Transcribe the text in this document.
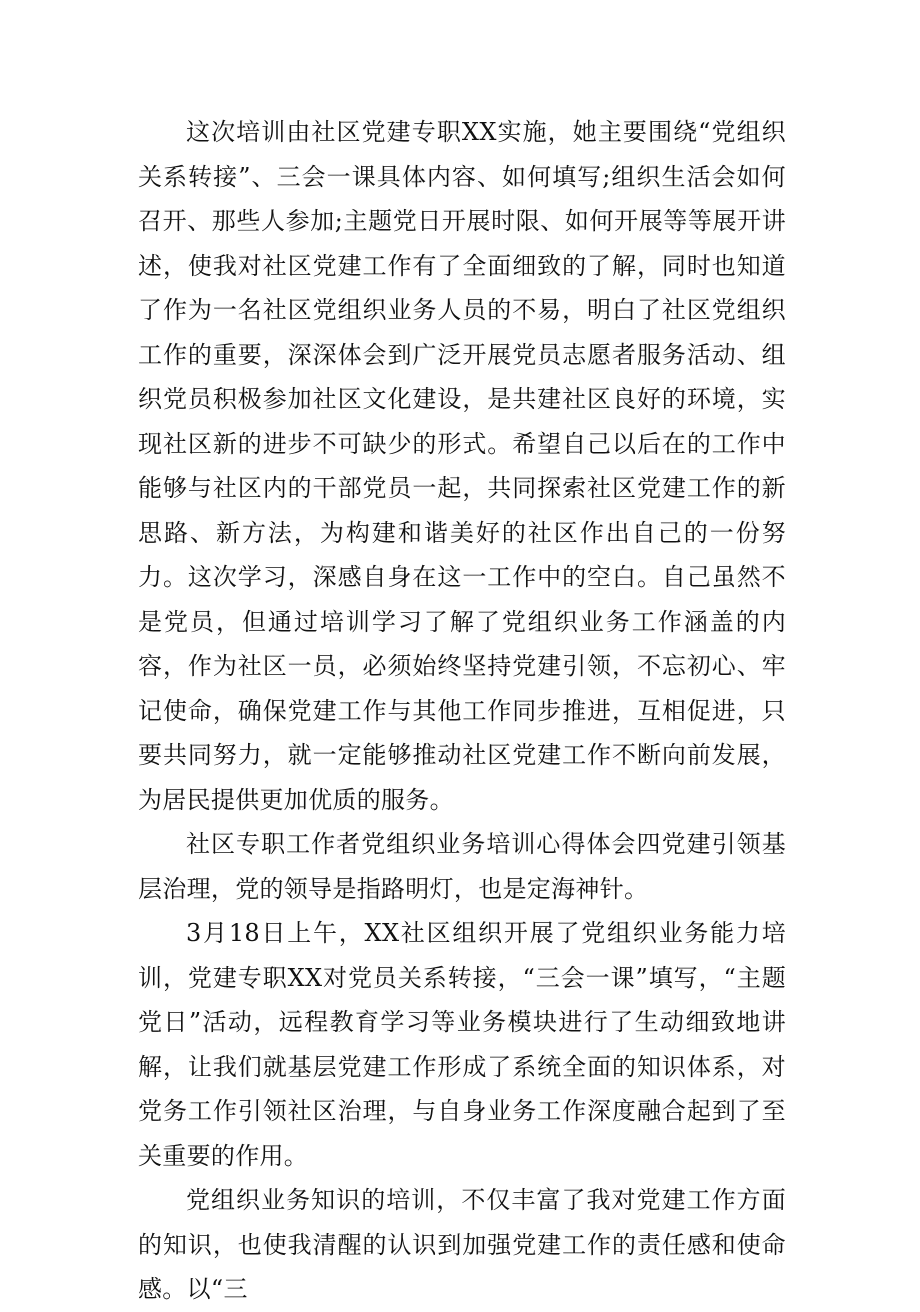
这次培训由社区党建专职XX实施，她主要围绕“党组织关系转接”、三会一课具体内容、如何填写;组织生活会如何召开、那些人参加;主题党日开展时限、如何开展等等展开讲述，使我对社区党建工作有了全面细致的了解，同时也知道了作为一名社区党组织业务人员的不易，明白了社区党组织工作的重要，深深体会到广泛开展党员志愿者服务活动、组织党员积极参加社区文化建设，是共建社区良好的环境，实现社区新的进步不可缺少的形式。希望自己以后在的工作中能够与社区内的干部党员一起，共同探索社区党建工作的新思路、新方法，为构建和谐美好的社区作出自己的一份努力。这次学习，深感自身在这一工作中的空白。自己虽然不是党员，但通过培训学习了解了党组织业务工作涵盖的内容，作为社区一员，必须始终坚持党建引领，不忘初心、牢记使命，确保党建工作与其他工作同步推进，互相促进，只要共同努力，就一定能够推动社区党建工作不断向前发展，为居民提供更加优质的服务。

社区专职工作者党组织业务培训心得体会四党建引领基层治理，党的领导是指路明灯，也是定海神针。

3月18日上午，XX社区组织开展了党组织业务能力培训，党建专职XX对党员关系转接，“三会一课”填写，“主题党日”活动，远程教育学习等业务模块进行了生动细致地讲解，让我们就基层党建工作形成了系统全面的知识体系，对党务工作引领社区治理，与自身业务工作深度融合起到了至关重要的作用。

党组织业务知识的培训，不仅丰富了我对党建工作方面的知识，也使我清醒的认识到加强党建工作的责任感和使命感。以“三
